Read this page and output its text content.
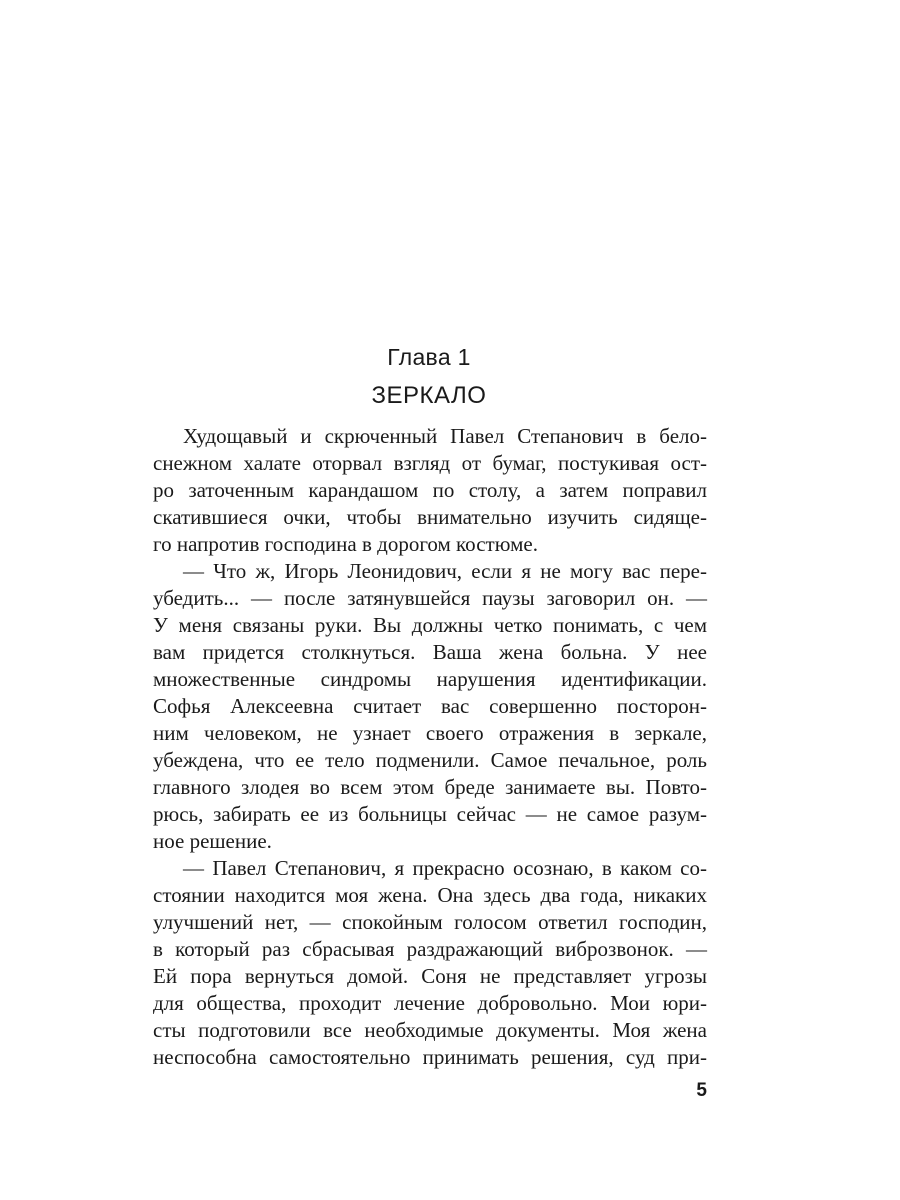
Глава 1
ЗЕРКАЛО
Худощавый и скрюченный Павел Степанович в бело-
снежном халате оторвал взгляд от бумаг, постукивая ост-
ро заточенным карандашом по столу, а затем поправил
скатившиеся очки, чтобы внимательно изучить сидяще-
го напротив господина в дорогом костюме.
— Что ж, Игорь Леонидович, если я не могу вас пере-
убедить... — после затянувшейся паузы заговорил он. —
У меня связаны руки. Вы должны четко понимать, с чем
вам придется столкнуться. Ваша жена больна. У нее
множественные синдромы нарушения идентификации.
Софья Алексеевна считает вас совершенно посторон-
ним человеком, не узнает своего отражения в зеркале,
убеждена, что ее тело подменили. Самое печальное, роль
главного злодея во всем этом бреде занимаете вы. Повто-
рюсь, забирать ее из больницы сейчас — не самое разум-
ное решение.
— Павел Степанович, я прекрасно осознаю, в каком со-
стоянии находится моя жена. Она здесь два года, никаких
улучшений нет, — спокойным голосом ответил господин,
в который раз сбрасывая раздражающий виброзвонок. —
Ей пора вернуться домой. Соня не представляет угрозы
для общества, проходит лечение добровольно. Мои юри-
сты подготовили все необходимые документы. Моя жена
неспособна самостоятельно принимать решения, суд при-
5
